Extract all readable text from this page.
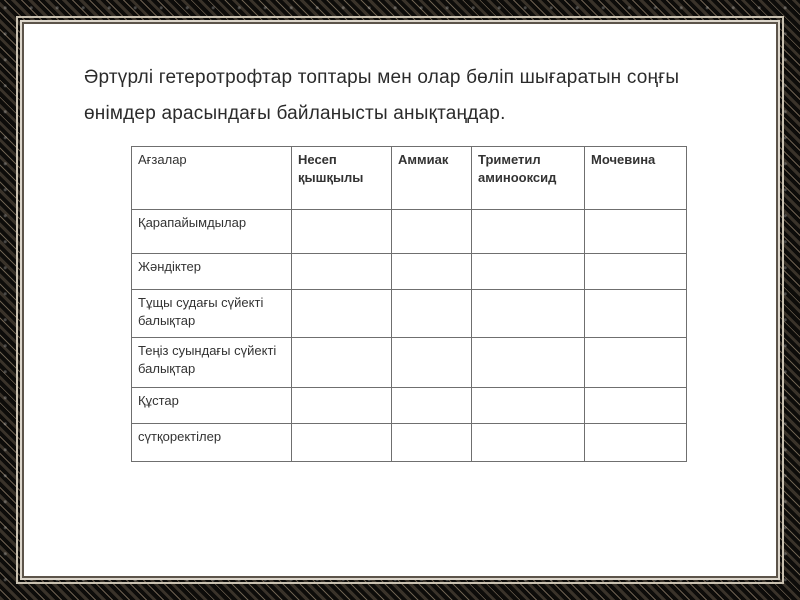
Әртүрлі гетеротрофтар топтары мен олар бөліп шығаратын соңғы

өнімдер арасындағы байланысты анықтаңдар.

Ағзалар	Несеп қышқылы	Аммиак	Триметил аминооксид	Мочевина
Қарапайымдылар				
Жәндіктер				
Тұщы судағы сүйекті балықтар				
Теңіз суындағы сүйекті балықтар				
Құстар				
сүтқоректілер				
